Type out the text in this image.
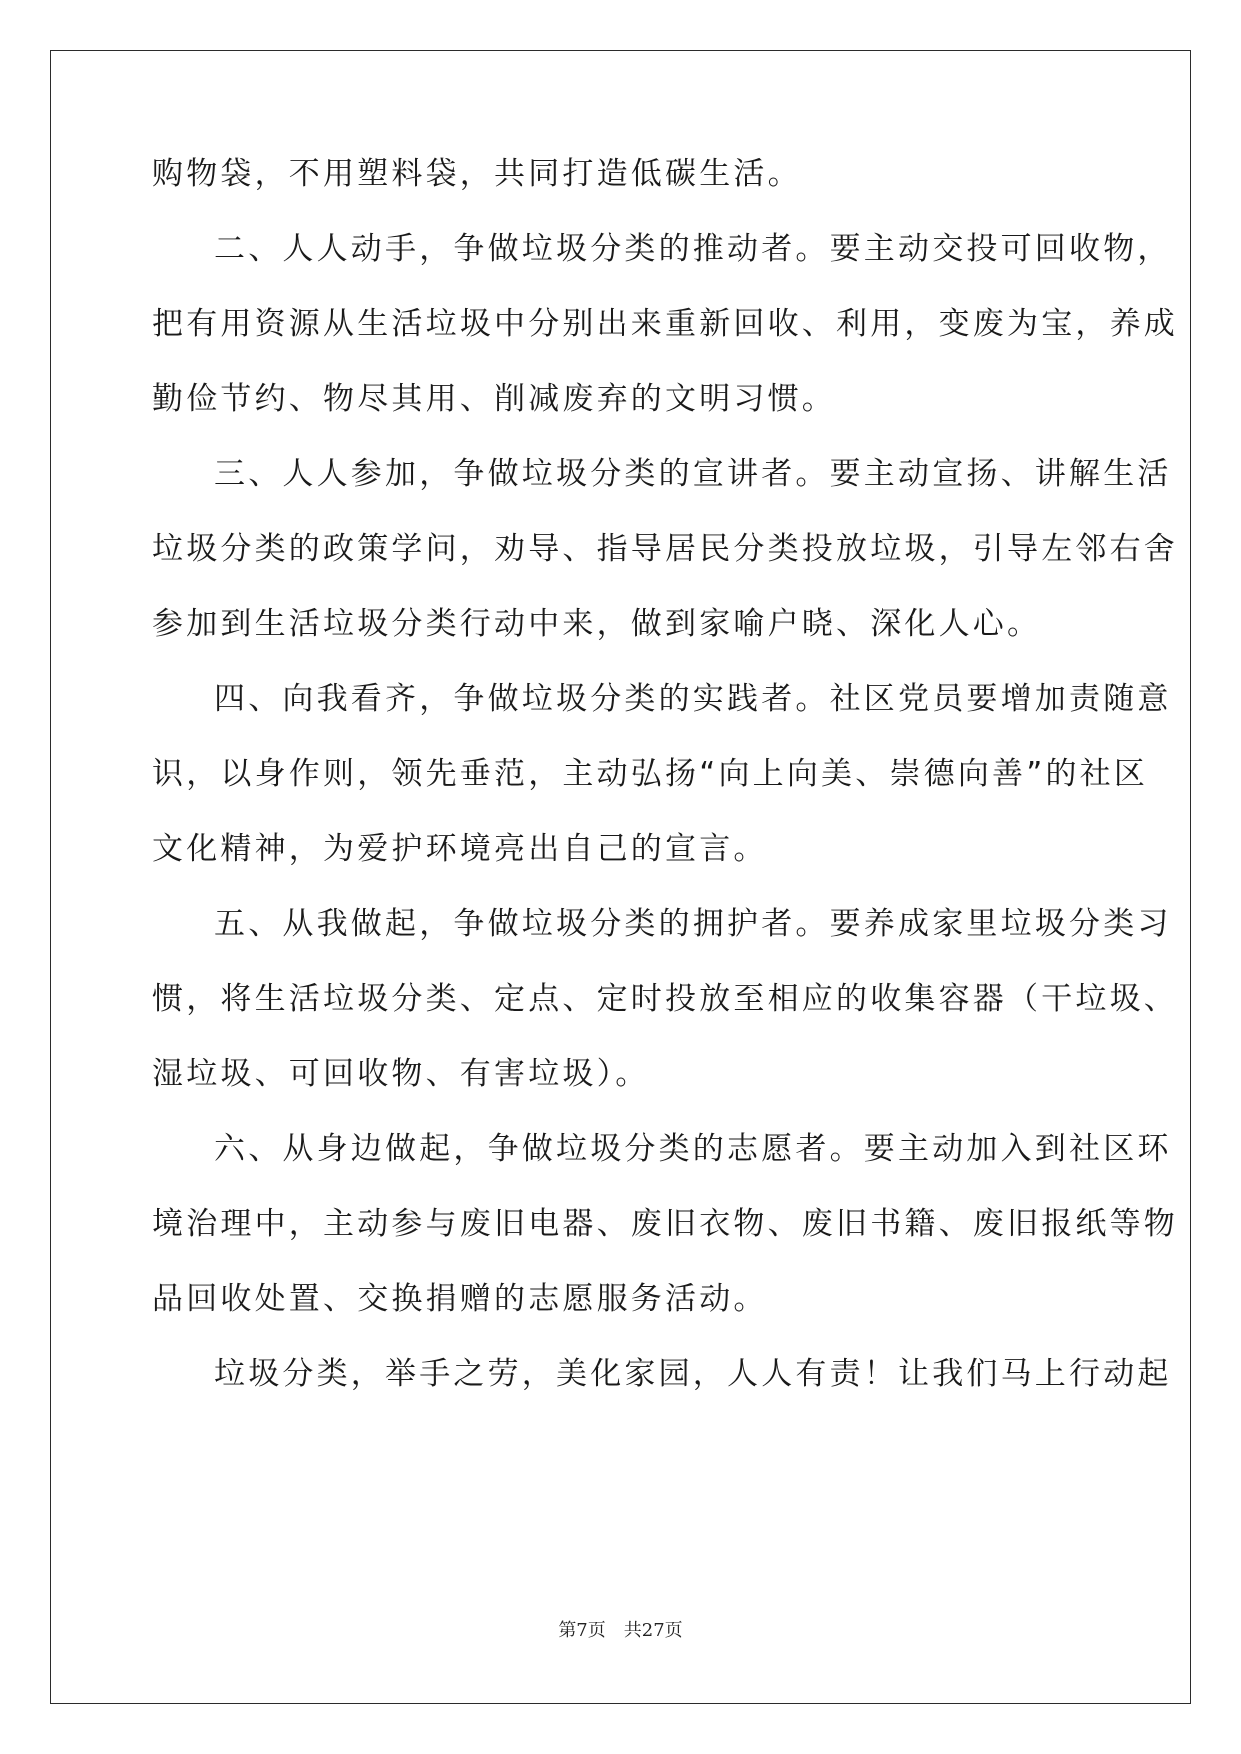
购物袋，不用塑料袋，共同打造低碳生活。
二、人人动手，争做垃圾分类的推动者。要主动交投可回收物，
把有用资源从生活垃圾中分别出来重新回收、利用，变废为宝，养成
勤俭节约、物尽其用、削减废弃的文明习惯。
三、人人参加，争做垃圾分类的宣讲者。要主动宣扬、讲解生活
垃圾分类的政策学问，劝导、指导居民分类投放垃圾，引导左邻右舍
参加到生活垃圾分类行动中来，做到家喻户晓、深化人心。
四、向我看齐，争做垃圾分类的实践者。社区党员要增加责随意
识，以身作则，领先垂范，主动弘扬“向上向美、崇德向善”的社区
文化精神，为爱护环境亮出自己的宣言。
五、从我做起，争做垃圾分类的拥护者。要养成家里垃圾分类习
惯，将生活垃圾分类、定点、定时投放至相应的收集容器（干垃圾、
湿垃圾、可回收物、有害垃圾）。
六、从身边做起，争做垃圾分类的志愿者。要主动加入到社区环
境治理中，主动参与废旧电器、废旧衣物、废旧书籍、废旧报纸等物
品回收处置、交换捐赠的志愿服务活动。
垃圾分类，举手之劳，美化家园，人人有责！让我们马上行动起
第7页　共27页
